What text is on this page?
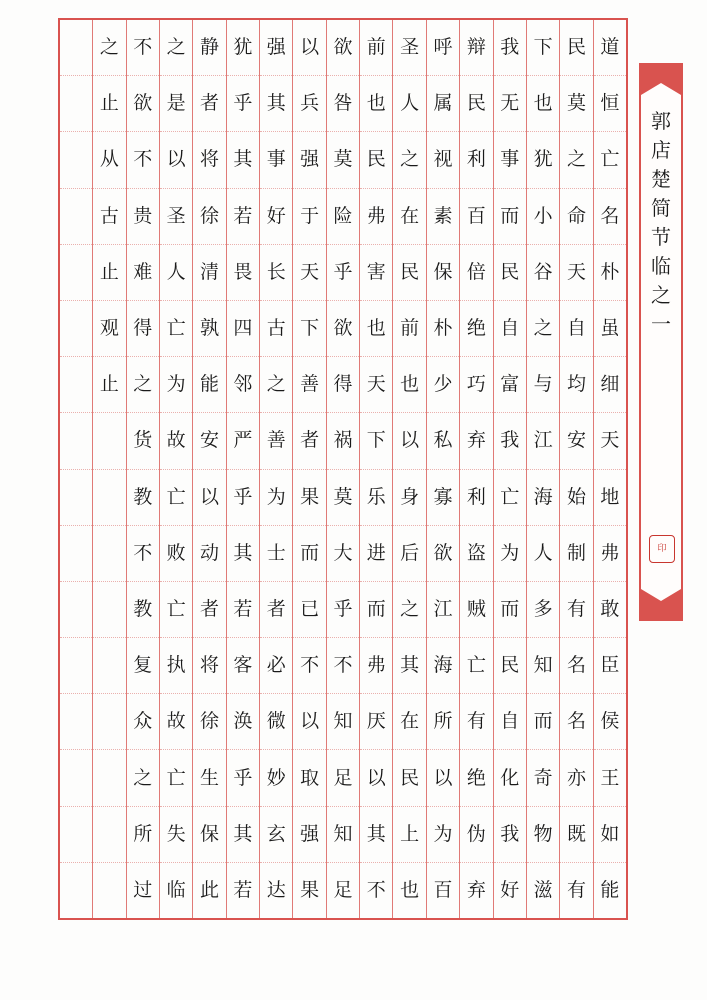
道
恒
亡
名
朴
虽
细
天
地
弗
敢
臣
侯
王
如
能
民
莫
之
命
天
自
均
安
始
制
有
名
名
亦
既
有
下
也
犹
小
谷
之
与
江
海
人
多
知
而
奇
物
滋
我
无
事
而
民
自
富
我
亡
为
而
民
自
化
我
好
辩
民
利
百
倍
绝
巧
弃
利
盗
贼
亡
有
绝
伪
弃
呼
属
视
素
保
朴
少
私
寡
欲
江
海
所
以
为
百
圣
人
之
在
民
前
也
以
身
后
之
其
在
民
上
也
前
也
民
弗
害
也
天
下
乐
进
而
弗
厌
以
其
不
欲
咎
莫
险
乎
欲
得
祸
莫
大
乎
不
知
足
知
足
以
兵
强
于
天
下
善
者
果
而
已
不
以
取
强
果
强
其
事
好
长
古
之
善
为
士
者
必
微
妙
玄
达
犹
乎
其
若
畏
四
邻
严
乎
其
若
客
涣
乎
其
若
静
者
将
徐
清
孰
能
安
以
动
者
将
徐
生
保
此
之
是
以
圣
人
亡
为
故
亡
败
亡
执
故
亡
失
临
不
欲
不
贵
难
得
之
货
教
不
教
复
众
之
所
过
之
止
从
古
止
观
止
郭
店
楚
简
节
临
之
一
印
